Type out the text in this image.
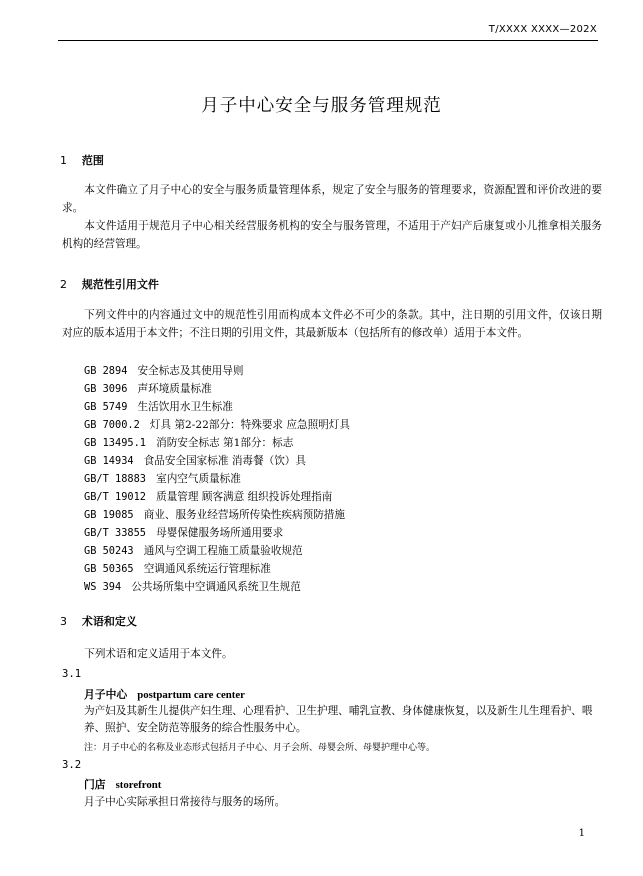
T/XXXX XXXX—202X
月子中心安全与服务管理规范
1 范围

本文件确立了月子中心的安全与服务质量管理体系，规定了安全与服务的管理要求，资源配置和评价改进的要求。

本文件适用于规范月子中心相关经营服务机构的安全与服务管理，不适用于产妇产后康复或小儿推拿相关服务机构的经营管理。

2 规范性引用文件

下列文件中的内容通过文中的规范性引用而构成本文件必不可少的条款。其中，注日期的引用文件，仅该日期对应的版本适用于本文件；不注日期的引用文件，其最新版本（包括所有的修改单）适用于本文件。

GB 2894 安全标志及其使用导则
GB 3096 声环境质量标准
GB 5749 生活饮用水卫生标准
GB 7000.2 灯具 第2-22部分：特殊要求 应急照明灯具
GB 13495.1 消防安全标志 第1部分：标志
GB 14934 食品安全国家标准 消毒餐（饮）具
GB/T 18883 室内空气质量标准
GB/T 19012 质量管理 顾客满意 组织投诉处理指南
GB 19085 商业、服务业经营场所传染性疾病预防措施
GB/T 33855 母婴保健服务场所通用要求
GB 50243 通风与空调工程施工质量验收规范
GB 50365 空调通风系统运行管理标准
WS 394 公共场所集中空调通风系统卫生规范
3 术语和定义

下列术语和定义适用于本文件。

3.1
月子中心 postpartum care center

为产妇及其新生儿提供产妇生理、心理看护、卫生护理、哺乳宣教、身体健康恢复，以及新生儿生理看护、喂养、照护、安全防范等服务的综合性服务中心。

注：月子中心的名称及业态形式包括月子中心、月子会所、母婴会所、母婴护理中心等。
3.2
门店 storefront

月子中心实际承担日常接待与服务的场所。

1
